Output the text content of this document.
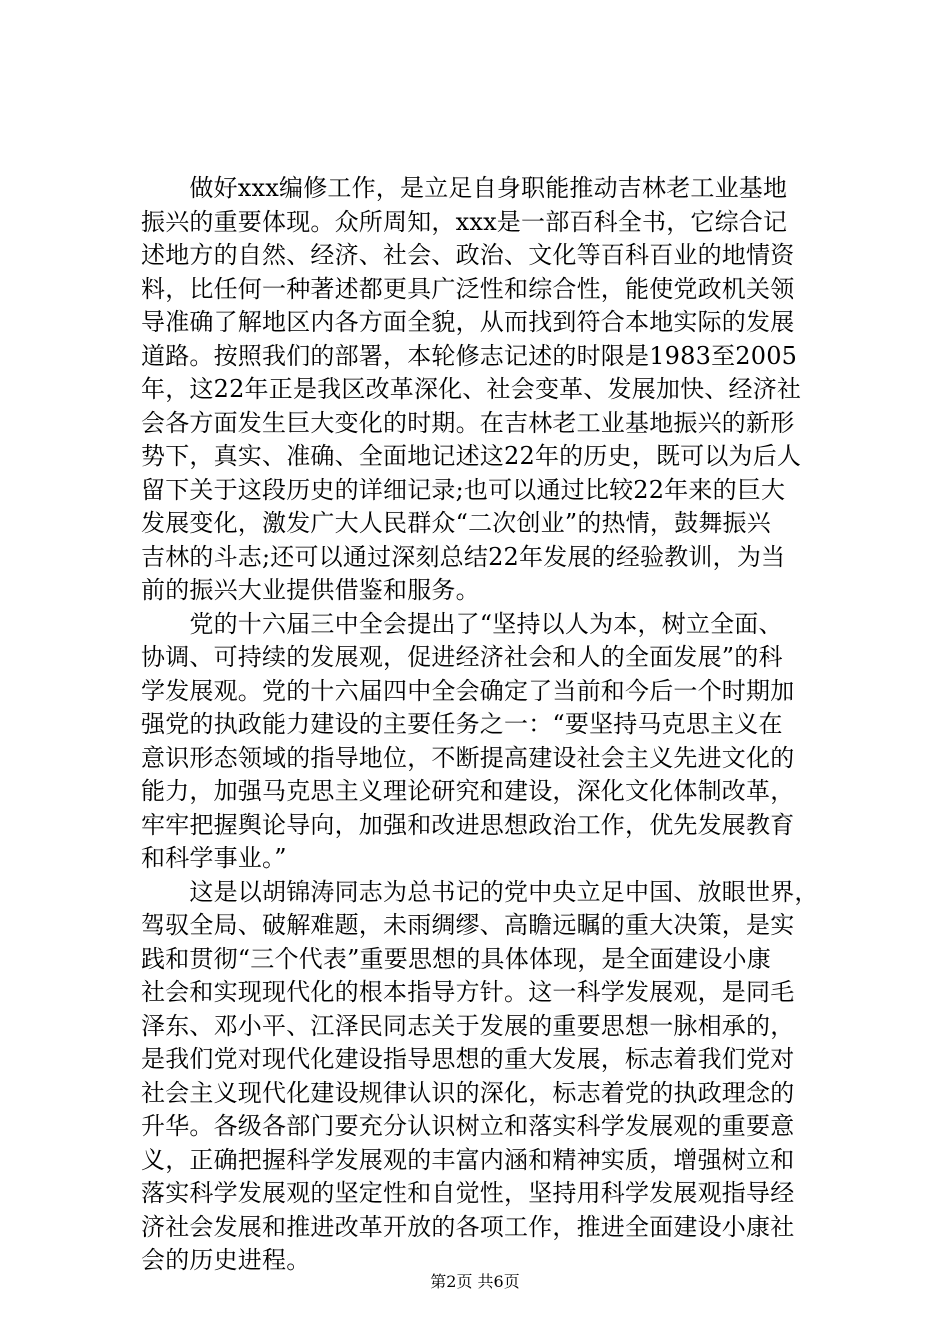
　　做好xxx编修工作，是立足自身职能推动吉林老工业基地
振兴的重要体现。众所周知，xxx是一部百科全书，它综合记
述地方的自然、经济、社会、政治、文化等百科百业的地情资
料，比任何一种著述都更具广泛性和综合性，能使党政机关领
导准确了解地区内各方面全貌，从而找到符合本地实际的发展
道路。按照我们的部署，本轮修志记述的时限是1983至2005
年，这22年正是我区改革深化、社会变革、发展加快、经济社
会各方面发生巨大变化的时期。在吉林老工业基地振兴的新形
势下，真实、准确、全面地记述这22年的历史，既可以为后人
留下关于这段历史的详细记录;也可以通过比较22年来的巨大
发展变化，激发广大人民群众“二次创业”的热情，鼓舞振兴
吉林的斗志;还可以通过深刻总结22年发展的经验教训，为当
前的振兴大业提供借鉴和服务。
　　党的十六届三中全会提出了“坚持以人为本，树立全面、
协调、可持续的发展观，促进经济社会和人的全面发展”的科
学发展观。党的十六届四中全会确定了当前和今后一个时期加
强党的执政能力建设的主要任务之一：“要坚持马克思主义在
意识形态领域的指导地位，不断提高建设社会主义先进文化的
能力，加强马克思主义理论研究和建设，深化文化体制改革，
牢牢把握舆论导向，加强和改进思想政治工作，优先发展教育
和科学事业。”
　　这是以胡锦涛同志为总书记的党中央立足中国、放眼世界，
驾驭全局、破解难题，未雨绸缪、高瞻远瞩的重大决策，是实
践和贯彻“三个代表”重要思想的具体体现，是全面建设小康
社会和实现现代化的根本指导方针。这一科学发展观，是同毛
泽东、邓小平、江泽民同志关于发展的重要思想一脉相承的，
是我们党对现代化建设指导思想的重大发展，标志着我们党对
社会主义现代化建设规律认识的深化，标志着党的执政理念的
升华。各级各部门要充分认识树立和落实科学发展观的重要意
义，正确把握科学发展观的丰富内涵和精神实质，增强树立和
落实科学发展观的坚定性和自觉性，坚持用科学发展观指导经
济社会发展和推进改革开放的各项工作，推进全面建设小康社
会的历史进程。
第2页 共6页
